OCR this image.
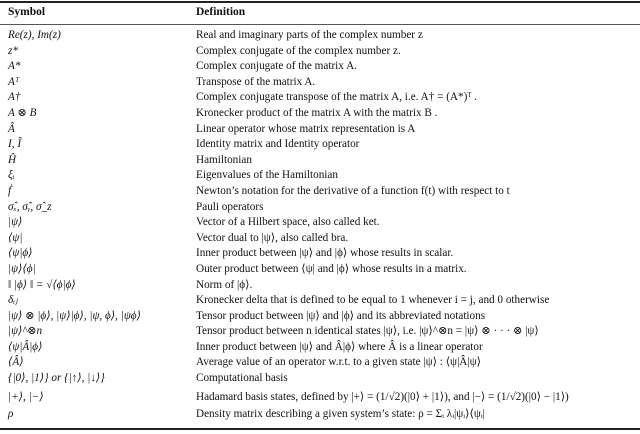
Symbol	Definition
Re(z), Im(z)	Real and imaginary parts of the complex number z
z*	Complex conjugate of the complex number z.
A*	Complex conjugate of the matrix A.
Aᵀ	Transpose of the matrix A.
A†	Complex conjugate transpose of the matrix A, i.e. A† = (A*)ᵀ .
A ⊗ B	Kronecker product of the matrix A with the matrix B .
Â	Linear operator whose matrix representation is A
I, Î	Identity matrix and Identity operator
Ĥ	Hamiltonian
ξᵢ	Eigenvalues of the Hamiltonian
ḟ	Newton’s notation for the derivative of a function f(t) with respect to t
σ̂ₓ, σ̂ᵧ, σ̂_z	Pauli operators
|ψ⟩	Vector of a Hilbert space, also called ket.
⟨ψ|	Vector dual to |ψ⟩, also called bra.
⟨ψ|ϕ⟩	Inner product between |ψ⟩ and |ϕ⟩ whose results in scalar.
|ψ⟩⟨ϕ|	Outer product between ⟨ψ| and |ϕ⟩ whose results in a matrix.
‖ |ϕ⟩ ‖ = √⟨ϕ|ϕ⟩	Norm of |ϕ⟩.
δᵢⱼ	Kronecker delta that is defined to be equal to 1 whenever i = j, and 0 otherwise
|ψ⟩ ⊗ |ϕ⟩, |ψ⟩|ϕ⟩, |ψ, ϕ⟩, |ψϕ⟩	Tensor product between |ψ⟩ and |ϕ⟩ and its abbreviated notations
|ψ⟩^⊗n	Tensor product between n identical states |ψ⟩, i.e. |ψ⟩^⊗n = |ψ⟩ ⊗ · · · ⊗ |ψ⟩
⟨ψ|Â|ϕ⟩	Inner product between |ψ⟩ and Â|ϕ⟩ where Â is a linear operator
⟨Â⟩	Average value of an operator w.r.t. to a given state |ψ⟩ : ⟨ψ|Â|ψ⟩
{|0⟩, |1⟩} or {|↑⟩, |↓⟩}	Computational basis
|+⟩, |−⟩	Hadamard basis states, defined by |+⟩ = (1/√2)(|0⟩ + |1⟩), and |−⟩ = (1/√2)(|0⟩ − |1⟩)
ρ	Density matrix describing a given system’s state: ρ = Σᵢ λᵢ|ψᵢ⟩⟨ψᵢ|
